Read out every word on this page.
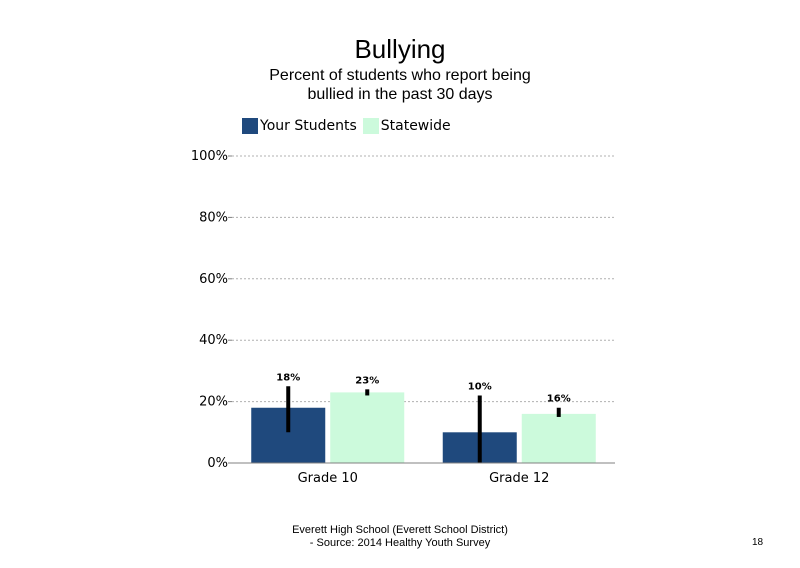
Bullying
Percent of students who report being bullied in the past 30 days
Your Students Statewide
0%
20%
40%
60%
80%
100%
18%	23%
Grade 10
10%
16%
Grade 12
Everett High School (Everett School District)
- Source: 2014 Healthy Youth Survey	18
